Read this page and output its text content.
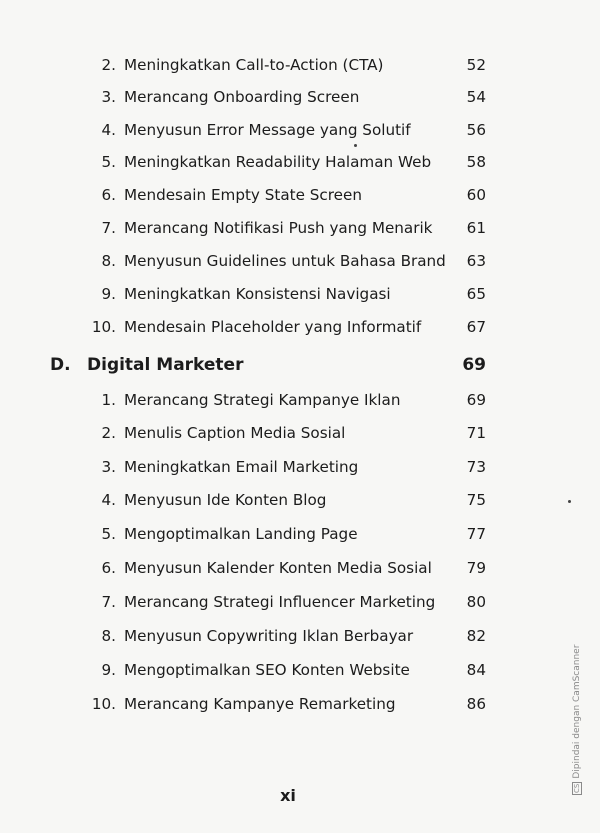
2. Meningkatkan Call-to-Action (CTA)	52
3. Merancang Onboarding Screen	54
4. Menyusun Error Message yang Solutif	56
5. Meningkatkan Readability Halaman Web	58
6. Mendesain Empty State Screen	60
7. Merancang Notifikasi Push yang Menarik	61
8. Menyusun Guidelines untuk Bahasa Brand	63
9. Meningkatkan Konsistensi Navigasi	65
10. Mendesain Placeholder yang Informatif	67
D. Digital Marketer	69
1. Merancang Strategi Kampanye Iklan	69
2. Menulis Caption Media Sosial	71
3. Meningkatkan Email Marketing	73
4. Menyusun Ide Konten Blog	75
5. Mengoptimalkan Landing Page	77
6. Menyusun Kalender Konten Media Sosial	79
7. Merancang Strategi Influencer Marketing	80
8. Menyusun Copywriting Iklan Berbayar	82
9. Mengoptimalkan SEO Konten Website	84
10. Merancang Kampanye Remarketing	86
xi	CSDipindai dengan CamScanner
